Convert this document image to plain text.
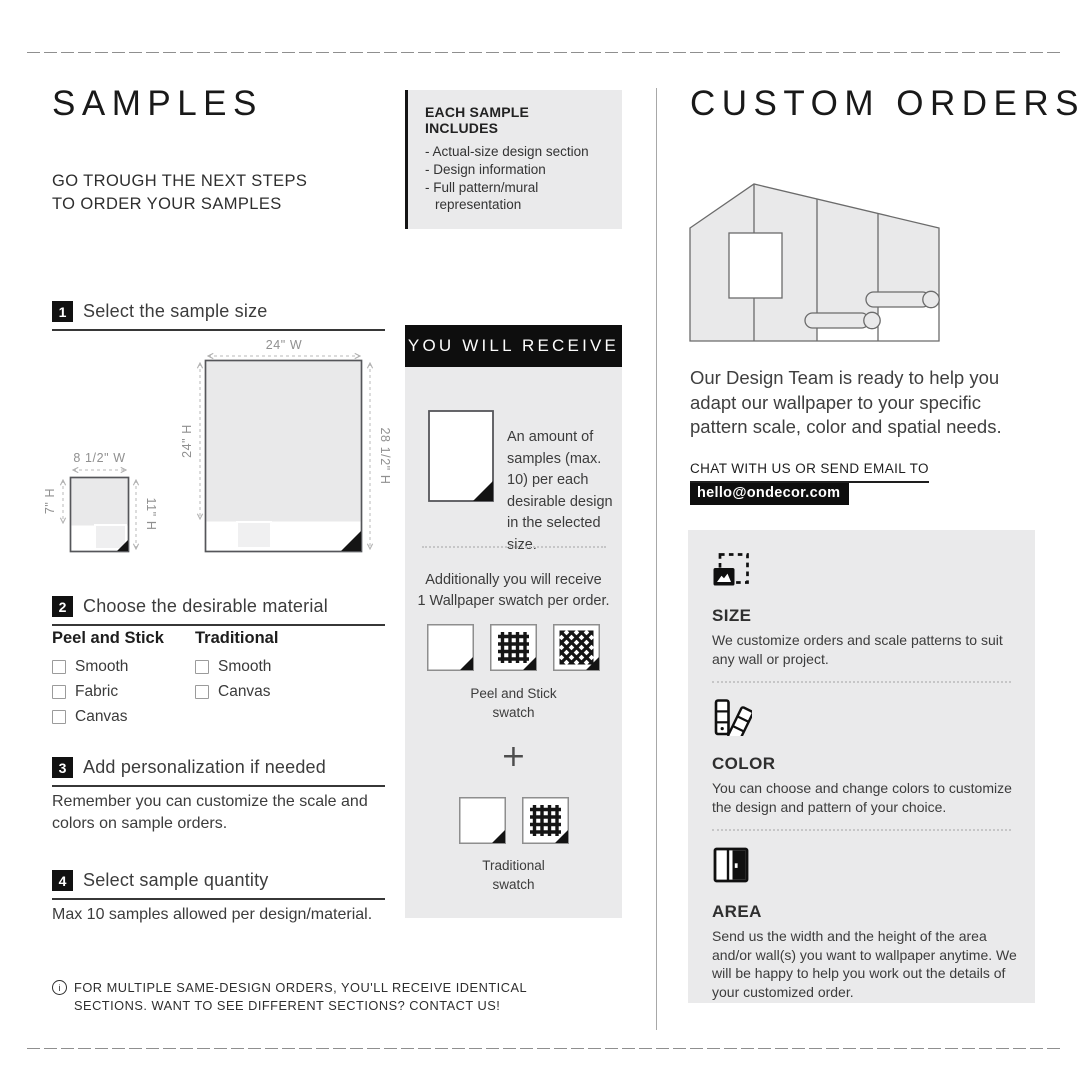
SAMPLES
GO TROUGH THE NEXT STEPS
TO ORDER YOUR SAMPLES
EACH SAMPLE INCLUDES
- Actual-size design section
- Design information
- Full pattern/mural representation
1 Select the sample size
24" W
24" H	28 1/2" H
8 1/2" W
7" H	11" H
2 Choose the desirable material
Peel and Stick
Smooth
Fabric
Canvas
Traditional
Smooth
Canvas
3 Add personalization if needed
Remember you can customize the scale and colors on sample orders.
4 Select sample quantity
Max 10 samples allowed per design/material.
i	FOR MULTIPLE SAME-DESIGN ORDERS, YOU'LL RECEIVE IDENTICAL
SECTIONS. WANT TO SEE DIFFERENT SECTIONS? CONTACT US!

YOU WILL RECEIVE
An amount of samples (max. 10) per each desirable design in the selected size.
Additionally you will receive
1 Wallpaper swatch per order.
Peel and Stick
swatch
+
Traditional
swatch
CUSTOM ORDERS
Our Design Team is ready to help you adapt our wallpaper to your specific pattern scale, color and spatial needs.
CHAT WITH US OR SEND EMAIL TO
hello@ondecor.com
SIZE

We customize orders and scale patterns to suit any wall or project.

COLOR

You can choose and change colors to customize the design and pattern of your choice.

AREA

Send us the width and the height of the area and/or wall(s) you want to wallpaper anytime. We will be happy to help you work out the details of your customized order.
